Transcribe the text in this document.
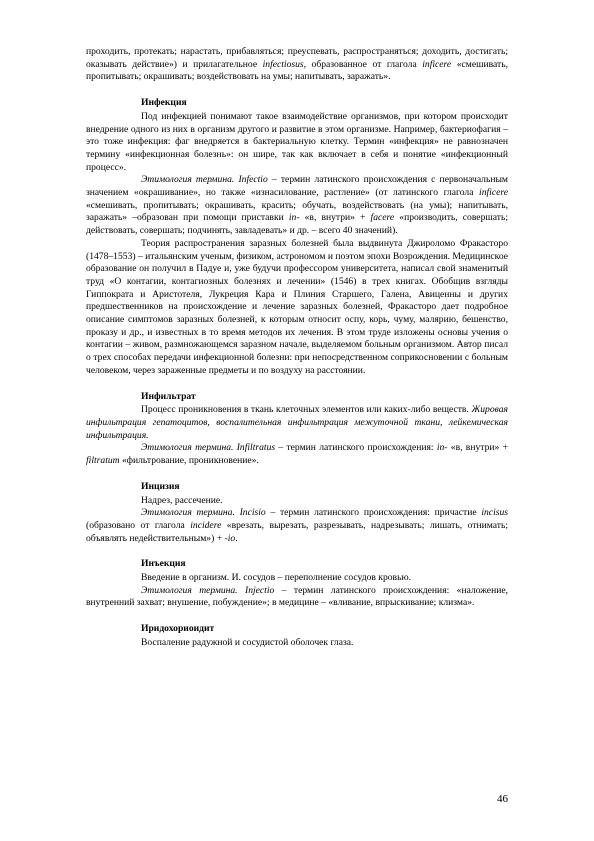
проходить, протекать; нарастать, прибавляться; преуспевать, распространяться; доходить, достигать; оказывать действие») и прилагательное infectiosus, образованное от глагола inficere «смешивать, пропитывать; окрашивать; воздействовать на умы; напитывать, заражать».

Инфекция

Под инфекцией понимают такое взаимодействие организмов, при котором происходит внедрение одного из них в организм другого и развитие в этом организме. Например, бактериофагия – это тоже инфекция: фаг внедряется в бактериальную клетку. Термин «инфекция» не равнозначен термину «инфекционная болезнь»: он шире, так как включает в себя и понятие «инфекционный процесс».

Этимология термина. Infectio – термин латинского происхождения с первоначальным значением «окрашивание», но также «изнасилование, растление» (от латинского глагола inficere «смешивать, пропитывать; окрашивать, красить; обучать, воздействовать (на умы); напитывать, заражать» –образован при помощи приставки in- «в, внутри» + facere «производить, совершать; действовать, совершать; подчинять, завладевать» и др. – всего 40 значений).

Теория распространения заразных болезней была выдвинута Джироломо Фракасторо (1478–1553) – итальянским ученым, физиком, астрономом и поэтом эпохи Возрождения. Медицинское образование он получил в Падуе и, уже будучи профессором университета, написал свой знаменитый труд «О контагии, контагиозных болезнях и лечении» (1546) в трех книгах. Обобщив взгляды Гиппократа и Аристотеля, Лукреция Кара и Плиния Старшего, Галена, Авиценны и других предшественников на происхождение и лечение заразных болезней, Фракасторо дает подробное описание симптомов заразных болезней, к которым относит оспу, корь, чуму, малярию, бешенство, проказу и др., и известных в то время методов их лечения. В этом труде изложены основы учения о контагии – живом, размножающемся заразном начале, выделяемом больным организмом. Автор писал о трех способах передачи инфекционной болезни: при непосредственном соприкосновении с больным человеком, через зараженные предметы и по воздуху на расстоянии.

Инфильтрат

Процесс проникновения в ткань клеточных элементов или каких-либо веществ. Жировая инфильтрация гепатоцитов, воспалительная инфильтрация межуточной ткани, лейкемическая инфильтрация.

Этимология термина. Infiltratus – термин латинского происхождения: in- «в, внутри» + filtratum «фильтрование, проникновение».

Инцизия

Надрез, рассечение.

Этимология термина. Incisio – термин латинского происхождения: причастие incisus (образовано от глагола incidere «врезать, вырезать, разрезывать, надрезывать; лишать, отнимать; объявлять недействительным») + -io.

Инъекция

Введение в организм. И. сосудов – переполнение сосудов кровью.

Этимология термина. Injectio – термин латинского происхождения: «наложение, внутренний захват; внушение, побуждение»; в медицине – «вливание, впрыскивание; клизма».

Иридохориоидит

Воспаление радужной и сосудистой оболочек глаза.

46
